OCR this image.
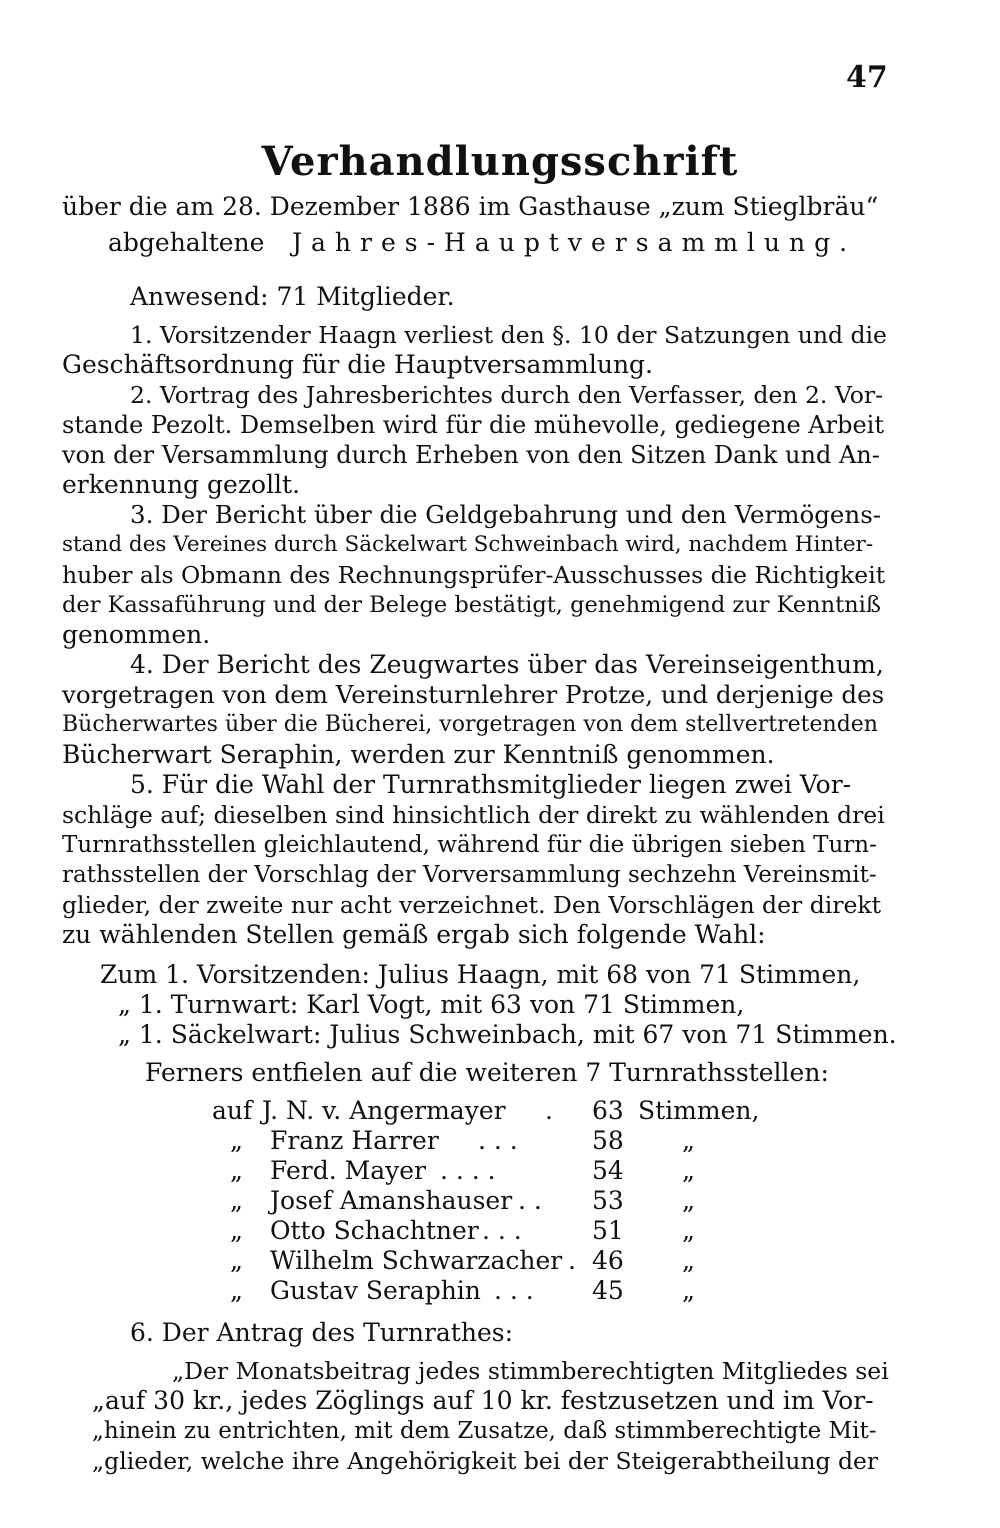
47
Verhandlungsschrift
über die am 28. Dezember 1886 im Gasthause „zum Stieglbräu“
abgehaltene Jahres-Hauptversammlung.
Anwesend: 71 Mitglieder.
1. Vorsitzender Haagn verliest den §. 10 der Satzungen und die
Geschäftsordnung für die Hauptversammlung.
2. Vortrag des Jahresberichtes durch den Verfasser, den 2. Vor-
stande Pezolt. Demselben wird für die mühevolle, gediegene Arbeit
von der Versammlung durch Erheben von den Sitzen Dank und An-
erkennung gezollt.
3. Der Bericht über die Geldgebahrung und den Vermögens-
stand des Vereines durch Säckelwart Schweinbach wird, nachdem Hinter-
huber als Obmann des Rechnungsprüfer-Ausschusses die Richtigkeit
der Kassaführung und der Belege bestätigt, genehmigend zur Kenntniß
genommen.
4. Der Bericht des Zeugwartes über das Vereinseigenthum,
vorgetragen von dem Vereinsturnlehrer Protze, und derjenige des
Bücherwartes über die Bücherei, vorgetragen von dem stellvertretenden
Bücherwart Seraphin, werden zur Kenntniß genommen.
5. Für die Wahl der Turnrathsmitglieder liegen zwei Vor-
schläge auf; dieselben sind hinsichtlich der direkt zu wählenden drei
Turnrathsstellen gleichlautend, während für die übrigen sieben Turn-
rathsstellen der Vorschlag der Vorversammlung sechzehn Vereinsmit-
glieder, der zweite nur acht verzeichnet. Den Vorschlägen der direkt
zu wählenden Stellen gemäß ergab sich folgende Wahl:
Zum 1. Vorsitzenden: Julius Haagn, mit 68 von 71 Stimmen,
„ 1. Turnwart: Karl Vogt, mit 63 von 71 Stimmen,
„ 1. Säckelwart: Julius Schweinbach, mit 67 von 71 Stimmen.
Ferners entfielen auf die weiteren 7 Turnrathsstellen:
auf J. N. v. Angermayer . 63 Stimmen,
„ Franz Harrer . . .	58 „
„ Ferd. Mayer . . . .	54 „
„ Josef Amanshauser . . 53 „
„ Otto Schachtner . . .	51 „
„ Wilhelm Schwarzacher . 46 „
„ Gustav Seraphin . . . 45 „
6. Der Antrag des Turnrathes:
„Der Monatsbeitrag jedes stimmberechtigten Mitgliedes sei
„auf 30 kr., jedes Zöglings auf 10 kr. festzusetzen und im Vor-
„hinein zu entrichten, mit dem Zusatze, daß stimmberechtigte Mit-
„glieder, welche ihre Angehörigkeit bei der Steigerabtheilung der
